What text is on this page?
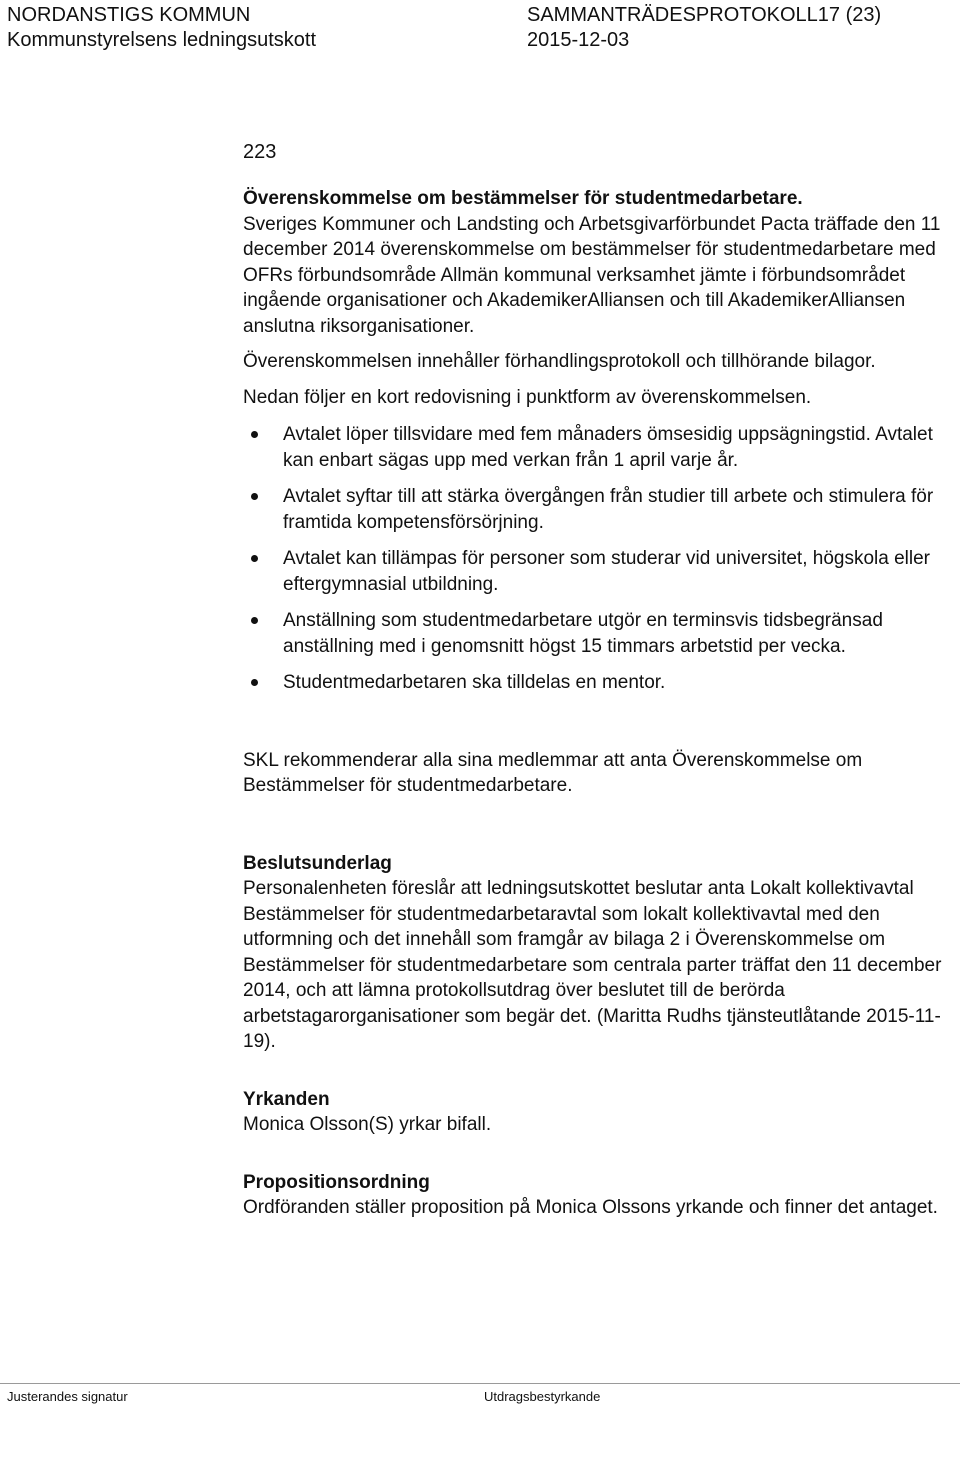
NORDANSTIGS KOMMUN
Kommunstyrelsens ledningsutskott
SAMMANTRÄDESPROTOKOLL17 (23)
2015-12-03
223

Överenskommelse om bestämmelser för studentmedarbetare.

Sveriges Kommuner och Landsting och Arbetsgivarförbundet Pacta träffade den 11 december 2014 överenskommelse om bestämmelser för studentmedarbetare med OFRs förbundsområde Allmän kommunal verksamhet jämte i förbundsområdet ingående organisationer och AkademikerAlliansen och till AkademikerAlliansen anslutna riksorganisationer.

Överenskommelsen innehåller förhandlingsprotokoll och tillhörande bilagor.

Nedan följer en kort redovisning i punktform av överenskommelsen.

Avtalet löper tillsvidare med fem månaders ömsesidig uppsägningstid. Avtalet kan enbart sägas upp med verkan från 1 april varje år.
Avtalet syftar till att stärka övergången från studier till arbete och stimulera för framtida kompetensförsörjning.
Avtalet kan tillämpas för personer som studerar vid universitet, högskola eller eftergymnasial utbildning.
Anställning som studentmedarbetare utgör en terminsvis tidsbegränsad anställning med i genomsnitt högst 15 timmars arbetstid per vecka.
Studentmedarbetaren ska tilldelas en mentor.

SKL rekommenderar alla sina medlemmar att anta Överenskommelse om Bestämmelser för studentmedarbetare.

Beslutsunderlag

Personalenheten föreslår att ledningsutskottet beslutar anta Lokalt kollektivavtal Bestämmelser för studentmedarbetaravtal som lokalt kollektivavtal med den utformning och det innehåll som framgår av bilaga 2 i Överenskommelse om Bestämmelser för studentmedarbetare som centrala parter träffat den 11 december 2014, och att lämna protokollsutdrag över beslutet till de berörda arbetstagarorganisationer som begär det. (Maritta Rudhs tjänsteutlåtande 2015-11-19).

Yrkanden

Monica Olsson(S) yrkar bifall.

Propositionsordning

Ordföranden ställer proposition på Monica Olssons yrkande och finner det antaget.

Justerandes signatur	Utdragsbestyrkande
